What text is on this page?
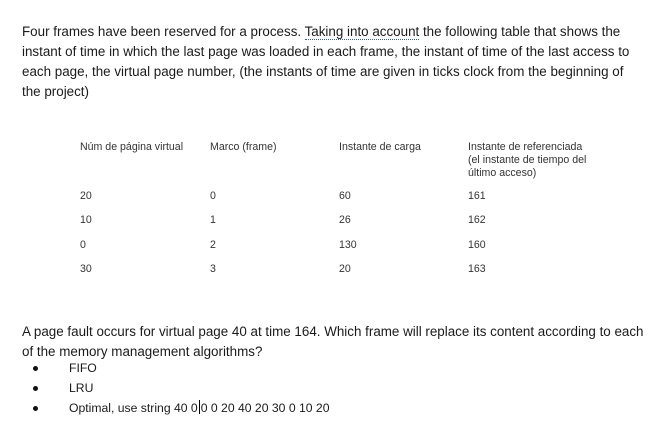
Four frames have been reserved for a process. Taking into account the following table that shows the instant of time in which the last page was loaded in each frame, the instant of time of the last access to each page, the virtual page number, (the instants of time are given in ticks clock from the beginning of the project)

Núm de página virtual	Marco (frame)	Instante de carga	Instante de referenciada
(el instante de tiempo del
último acceso)
20	0	60	161
10	1	26	162
0	2	130	160
30	3	20	163

A page fault occurs for virtual page 40 at time 164. Which frame will replace its content according to each of the memory management algorithms?

FIFO
LRU
Optimal, use string 40 0 0 0 20 40 20 30 0 10 20
